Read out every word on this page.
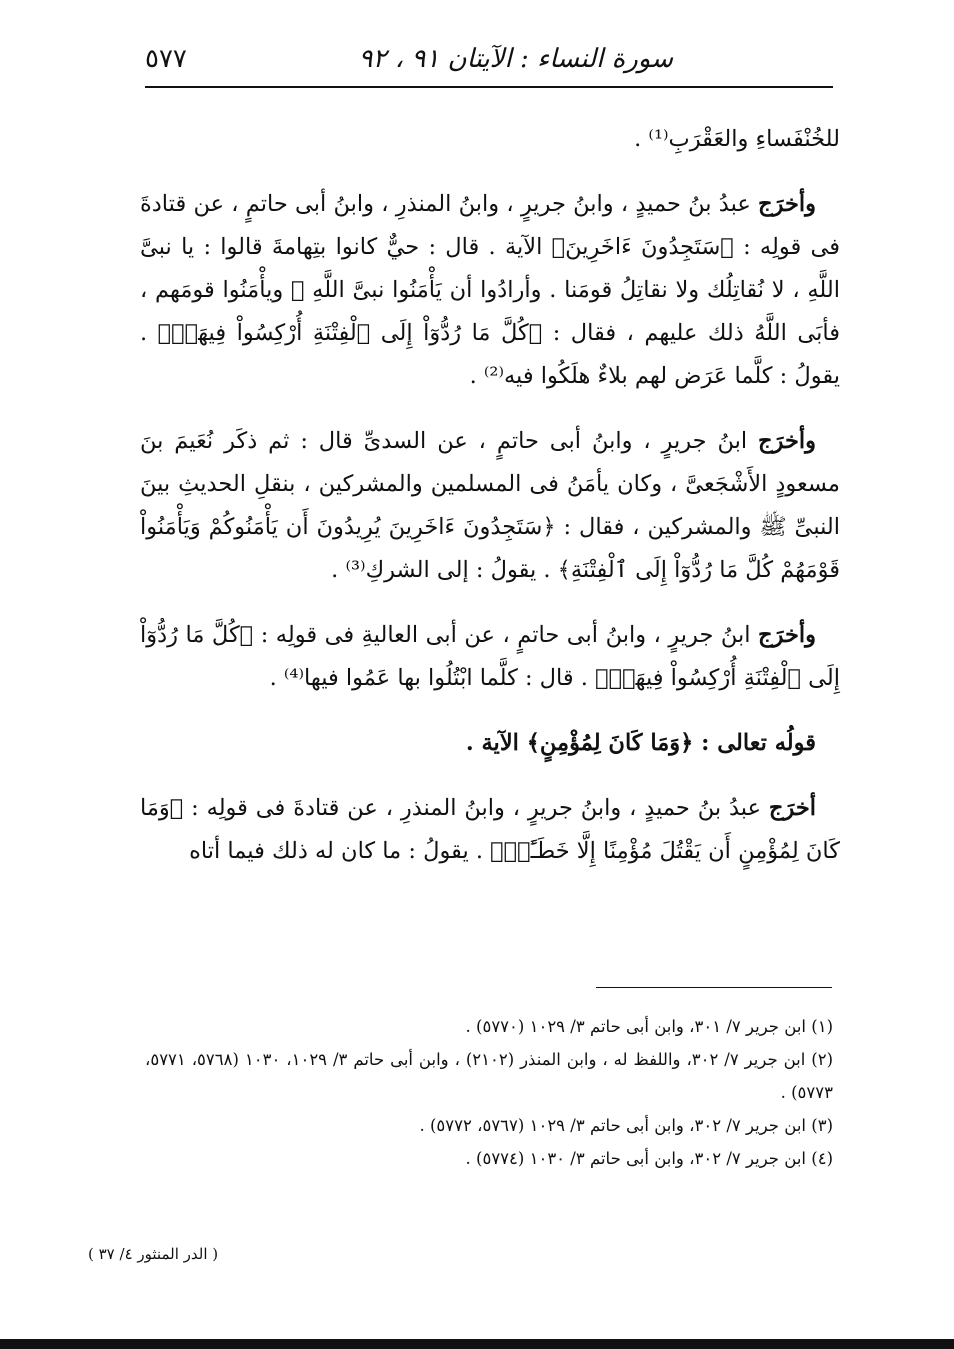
سورة النساء : الآيتان ٩١ ، ٩٢
٥٧٧

للخُنْفَساءِ والعَقْرَبِ⁽¹⁾ .

وأخرَج عبدُ بنُ حميدٍ ، وابنُ جريرٍ ، وابنُ المنذرِ ، وابنُ أبى حاتمٍ ، عن قتادةَ فى قولِه : ﴿سَتَجِدُونَ ءَاخَرِينَ﴾ الآية . قال : حيٌّ كانوا بتِهامةَ قالوا : يا نبىَّ اللَّهِ ، لا نُقاتِلُك ولا نقاتِلُ قومَنا . وأرادُوا أن يَأْمَنُوا نبىَّ اللَّهِ ﷺ ويأْمَنُوا قومَهم ، فأبَى اللَّهُ ذلك عليهم ، فقال : ﴿كُلَّ مَا رُدُّوٓاْ إِلَى ٱلْفِتْنَةِ أُرْكِسُواْ فِيهَاۚ﴾ . يقولُ : كلَّما عَرَض لهم بلاءٌ هلَكُوا فيه⁽²⁾ .

وأخرَج ابنُ جريرٍ ، وابنُ أبى حاتمٍ ، عن السدىِّ قال : ثم ذكَر نُعَيمَ بنَ مسعودٍ الأَشْجَعىَّ ، وكان يأمَنُ فى المسلمين والمشركين ، بنقلِ الحديثِ بينَ النبىِّ ﷺ والمشركين ، فقال : ﴿سَتَجِدُونَ ءَاخَرِينَ يُرِيدُونَ أَن يَأْمَنُوكُمْ وَيَأْمَنُواْ قَوْمَهُمْ كُلَّ مَا رُدُّوٓاْ إِلَى ٱلْفِتْنَةِ﴾ . يقولُ : إلى الشركِ⁽³⁾ .

وأخرَج ابنُ جريرٍ ، وابنُ أبى حاتمٍ ، عن أبى العاليةِ فى قولِه : ﴿كُلَّ مَا رُدُّوٓاْ إِلَى ٱلْفِتْنَةِ أُرْكِسُواْ فِيهَاۚ﴾ . قال : كلَّما ابْتُلُوا بها عَمُوا فيها⁽⁴⁾ .

قولُه تعالى : ﴿وَمَا كَانَ لِمُؤْمِنٍ﴾ الآية .

أخرَج عبدُ بنُ حميدٍ ، وابنُ جريرٍ ، وابنُ المنذرِ ، عن قتادةَ فى قولِه : ﴿وَمَا كَانَ لِمُؤْمِنٍ أَن يَقْتُلَ مُؤْمِنًا إِلَّا خَطَـًٔاۚ﴾ . يقولُ : ما كان له ذلك فيما أتاه

(١) ابن جرير ٧/ ٣٠١، وابن أبى حاتم ٣/ ١٠٢٩ (٥٧٧٠) .

(٢) ابن جرير ٧/ ٣٠٢، واللفظ له ، وابن المنذر (٢١٠٢) ، وابن أبى حاتم ٣/ ١٠٢٩، ١٠٣٠ (٥٧٦٨، ٥٧٧١، ٥٧٧٣) .

(٣) ابن جرير ٧/ ٣٠٢، وابن أبى حاتم ٣/ ١٠٢٩ (٥٧٦٧، ٥٧٧٢) .

(٤) ابن جرير ٧/ ٣٠٢، وابن أبى حاتم ٣/ ١٠٣٠ (٥٧٧٤) .

( الدر المنثور ٤/ ٣٧ )
